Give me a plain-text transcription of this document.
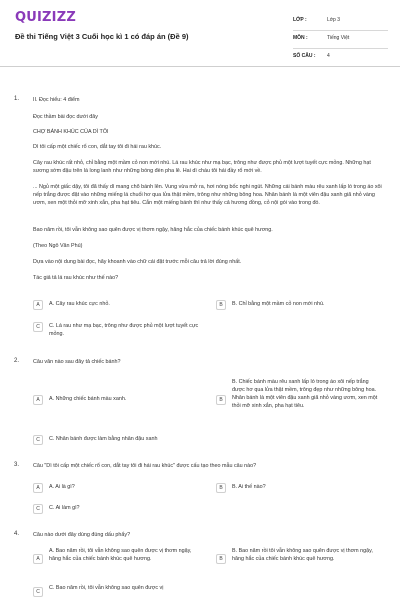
QUIZIZZ
Đề thi Tiếng Việt 3 Cuối học kì 1 có đáp án (Đề 9)
LỚP :	Lớp 3
MÔN :	Tiếng Việt
SỐ CÂU : 4
1.	II. Đọc hiểu: 4 điểm
Đọc thầm bài đọc dưới đây
CHỢ BÁNH KHÚC CỦA DÌ TÔI
Dì tôi cấp một chiếc rổ con, dắt tay tôi đi hái rau khúc.
Cây rau khúc rất nhỏ, chỉ bằng một mầm cỏ non mới nhú. Lá rau khúc như mạ bạc, trông như được phủ một lượt tuyết cực mỏng. Những hạt sương sớm đậu trên lá long lanh như những bóng đèn pha lê. Hai dì cháu tôi hái đầy rổ mới về.
... Ngủ một giấc dậy, tôi đã thấy dì mang chõ bánh lên. Vung vừa mở ra, hơi nóng bốc nghi ngút. Những cái bánh màu rêu xanh lấp ló trong áo xôi nếp trắng được đặt vào những miếng lá chuối hơ qua lửa thật mềm, trông như những bông hoa. Nhân bánh là một viên đậu xanh giã nhỏ vàng ươm, xen một thỏi mỡ xinh xắn, pha hạt tiêu. Cắn một miếng bánh thì như thấy cả hương đồng, cỏ nội gói vào trong đó.
Bao năm rồi, tôi vẫn không sao quên được vị thơm ngậy, hăng hắc của chiếc bánh khúc quê hương.
(Theo Ngô Văn Phú)
Dựa vào nội dung bài đọc, hãy khoanh vào chữ cái đặt trước mỗi câu trả lời đúng nhất.
Tác giả tả lá rau khúc như thế nào?
A	A. Cây rau khúc cực nhỏ.	B	B. Chỉ bằng một mầm cỏ non mới nhú.
C	C. Lá rau như mạ bạc, trông như được phủ một lượt tuyết cực mỏng.
2.	Câu văn nào sau đây tả chiếc bánh?
A	A. Những chiếc bánh màu xanh.	B
B. Chiếc bánh màu rêu xanh lấp ló trong áo xôi nếp trắng được hơ qua lửa thật mềm, trông đẹp như những bông hoa. Nhân bánh là một viên đậu xanh giã nhỏ vàng ươm, xen một thỏi mỡ xinh xắn, pha hạt tiêu.
C	C. Nhân bánh được làm bằng nhân đậu xanh
3.	Câu "Dì tôi cấp một chiếc rổ con, dắt tay tôi đi hái rau khúc" được cấu tạo theo mẫu câu nào?
A	A. Ai là gì?	B	B. Ai thế nào?
C	C. Ai làm gì?
4.	Câu nào dưới đây dùng đúng dấu phẩy?
A
A. Bao năm rồi, tôi vẫn không sao quên được vị thơm ngậy, hăng hắc của chiếc bánh khúc quê hương.	B
B. Bao năm rồi tôi vẫn không sao quên được vị thơm ngậy, hăng hắc của chiếc bánh khúc quê hương.
C
C. Bao năm rồi, tôi vẫn không sao quên được vị
